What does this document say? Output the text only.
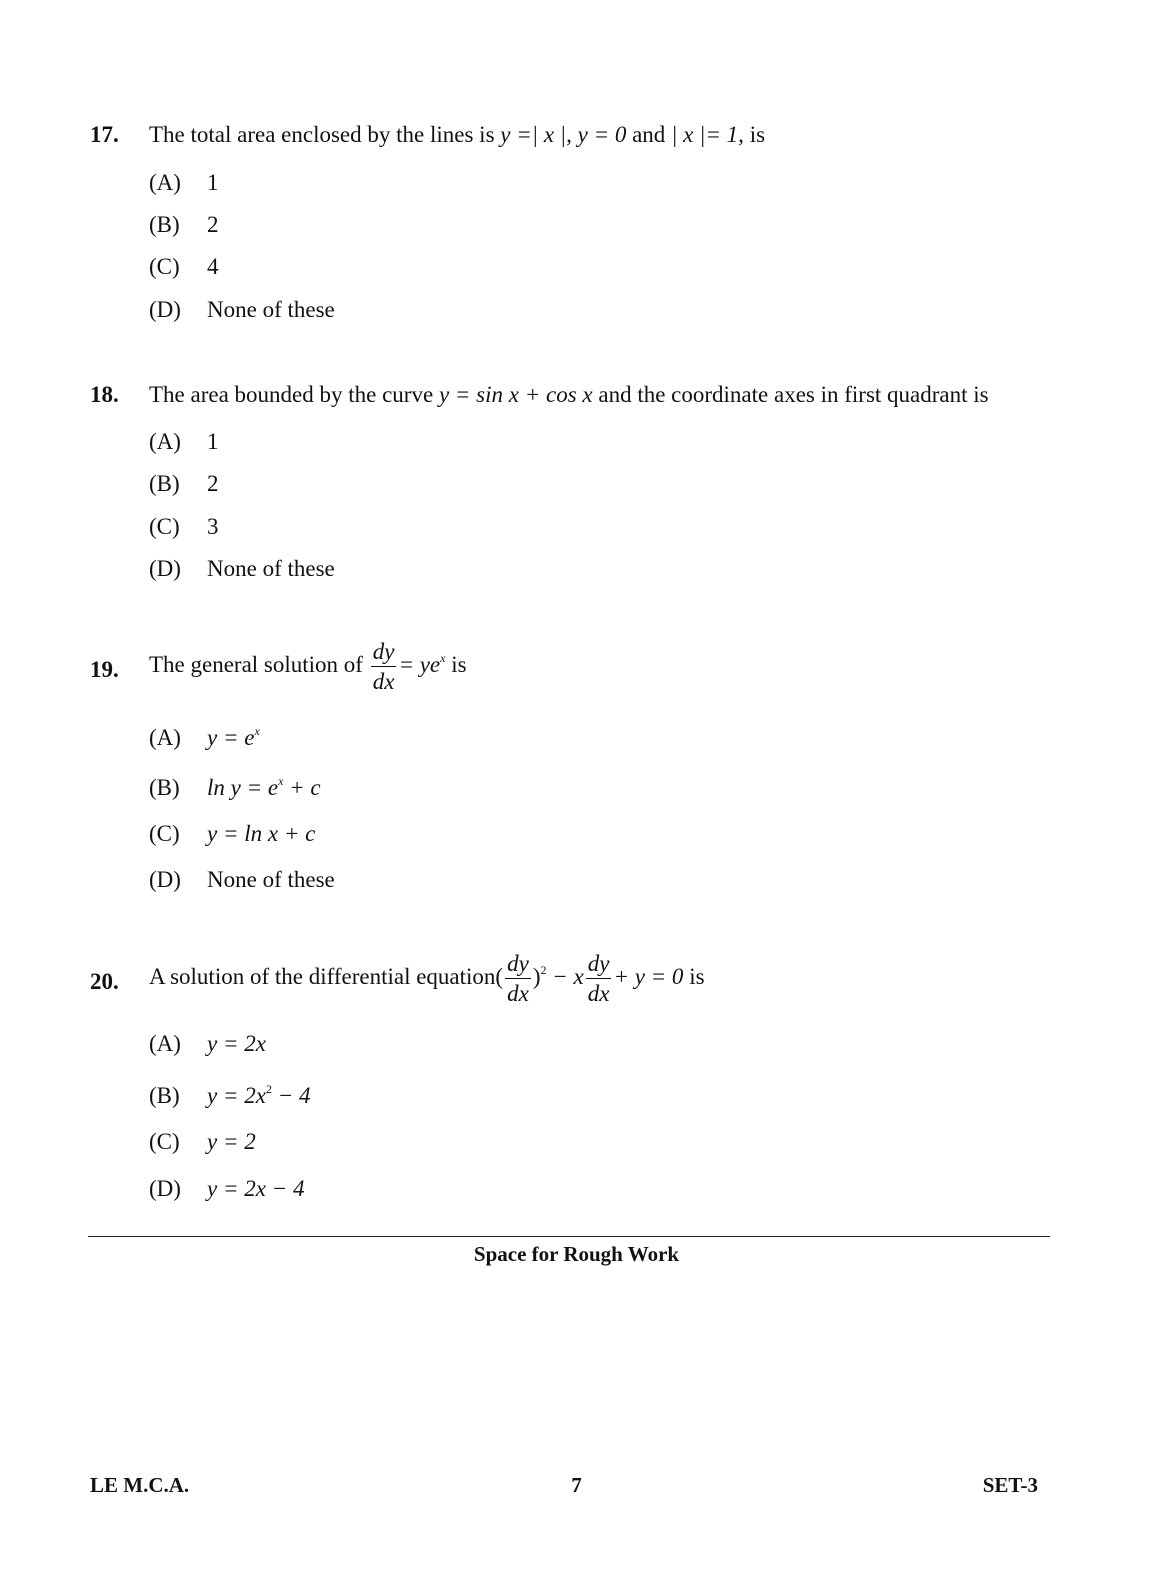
17. The total area enclosed by the lines is y =| x |, y = 0 and | x |= 1, is
(A) 1
(B) 2
(C) 4
(D) None of these
18. The area bounded by the curve y = sin x + cos x and the coordinate axes in first quadrant is
(A) 1
(B) 2
(C) 3
(D) None of these
19. The general solution of $\frac{dy}{dx} = ye^x$ is
(A) $y = e^x$
(B) $\ln y = e^x + c$
(C) y = ln x + c
(D) None of these
20. A solution of the differential equation( $\frac{dy}{dx} )^2 - x \frac{dy}{dx} + y = 0$ is
(A) y = 2x
(B) $y = 2x^2 - 4$
(C) y = 2
(D) y = 2x − 4
Space for Rough Work
LE M.C.A.	7	SET-3
